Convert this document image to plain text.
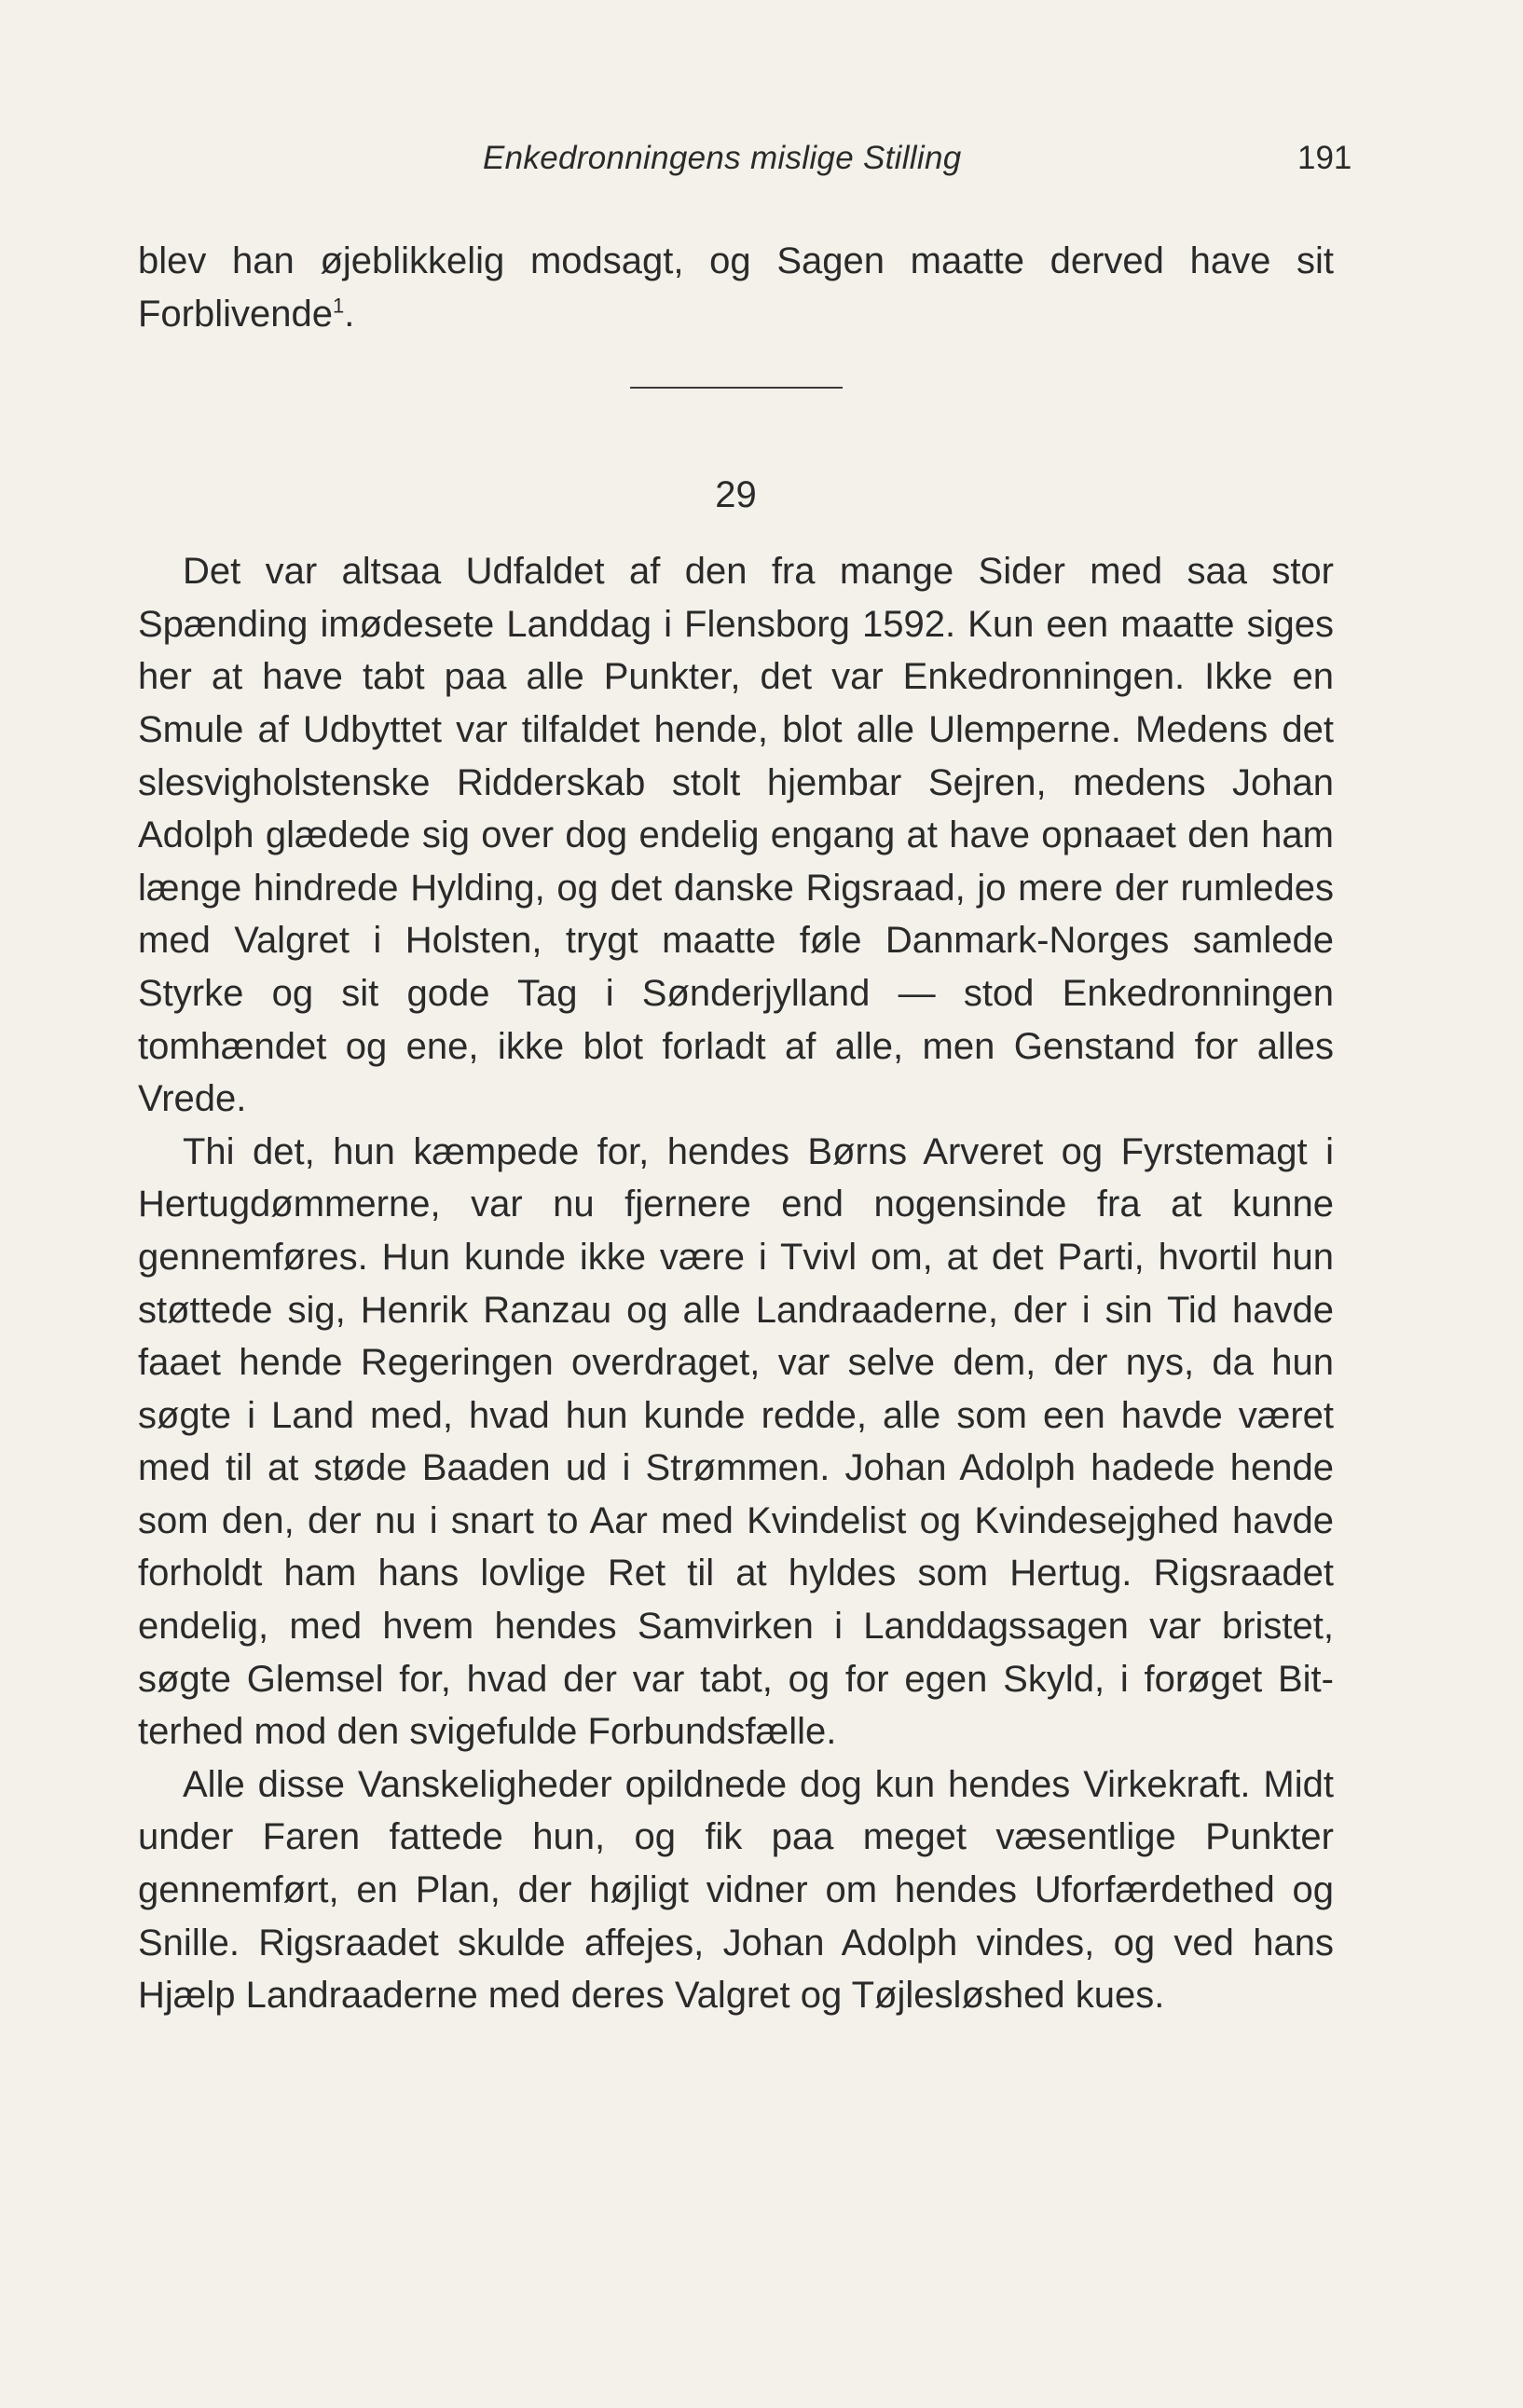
Enkedronningens mislige Stilling	191

blev han øjeblikkelig modsagt, og Sagen maatte derved have sit Forblivende$^1$.

29

Det var altsaa Udfaldet af den fra mange Sider med saa stor Spænding imødesete Landdag i Flensborg 1592. Kun een maatte siges her at have tabt paa alle Punkter, det var Enkedronningen. Ikke en Smule af Udbyttet var tilfaldet hende, blot alle Ulemperne. Medens det slesvigholstenske Ridderskab stolt hjembar Sejren, medens Johan Adolph glædede sig over dog endelig engang at have opnaaet den ham længe hindrede Hylding, og det danske Rigsraad, jo mere der rumledes med Valgret i Holsten, trygt maatte føle Danmark-Norges samlede Styrke og sit gode Tag i Sønderjylland — stod Enkedronningen tomhændet og ene, ikke blot forladt af alle, men Genstand for alles Vrede.

Thi det, hun kæmpede for, hendes Børns Arveret og Fyrstemagt i Hertugdømmerne, var nu fjernere end nogensinde fra at kunne gennemføres. Hun kunde ikke være i Tvivl om, at det Parti, hvortil hun støttede sig, Henrik Ranzau og alle Landraaderne, der i sin Tid havde faaet hende Regeringen overdraget, var selve dem, der nys, da hun søgte i Land med, hvad hun kunde redde, alle som een havde været med til at støde Baaden ud i Strømmen. Johan Adolph hadede hende som den, der nu i snart to Aar med Kvindelist og Kvindesejghed havde forholdt ham hans lovlige Ret til at hyldes som Hertug. Rigsraadet endelig, med hvem hendes Samvirken i Landdagssagen var bristet, søgte Glemsel for, hvad der var tabt, og for egen Skyld, i forøget Bitterhed mod den svigefulde Forbundsfælle.

Alle disse Vanskeligheder opildnede dog kun hendes Virkekraft. Midt under Faren fattede hun, og fik paa meget væsentlige Punkter gennemført, en Plan, der højligt vidner om hendes Uforfærdethed og Snille. Rigsraadet skulde affejes, Johan Adolph vindes, og ved hans Hjælp Landraaderne med deres Valgret og Tøjlesløshed kues.
